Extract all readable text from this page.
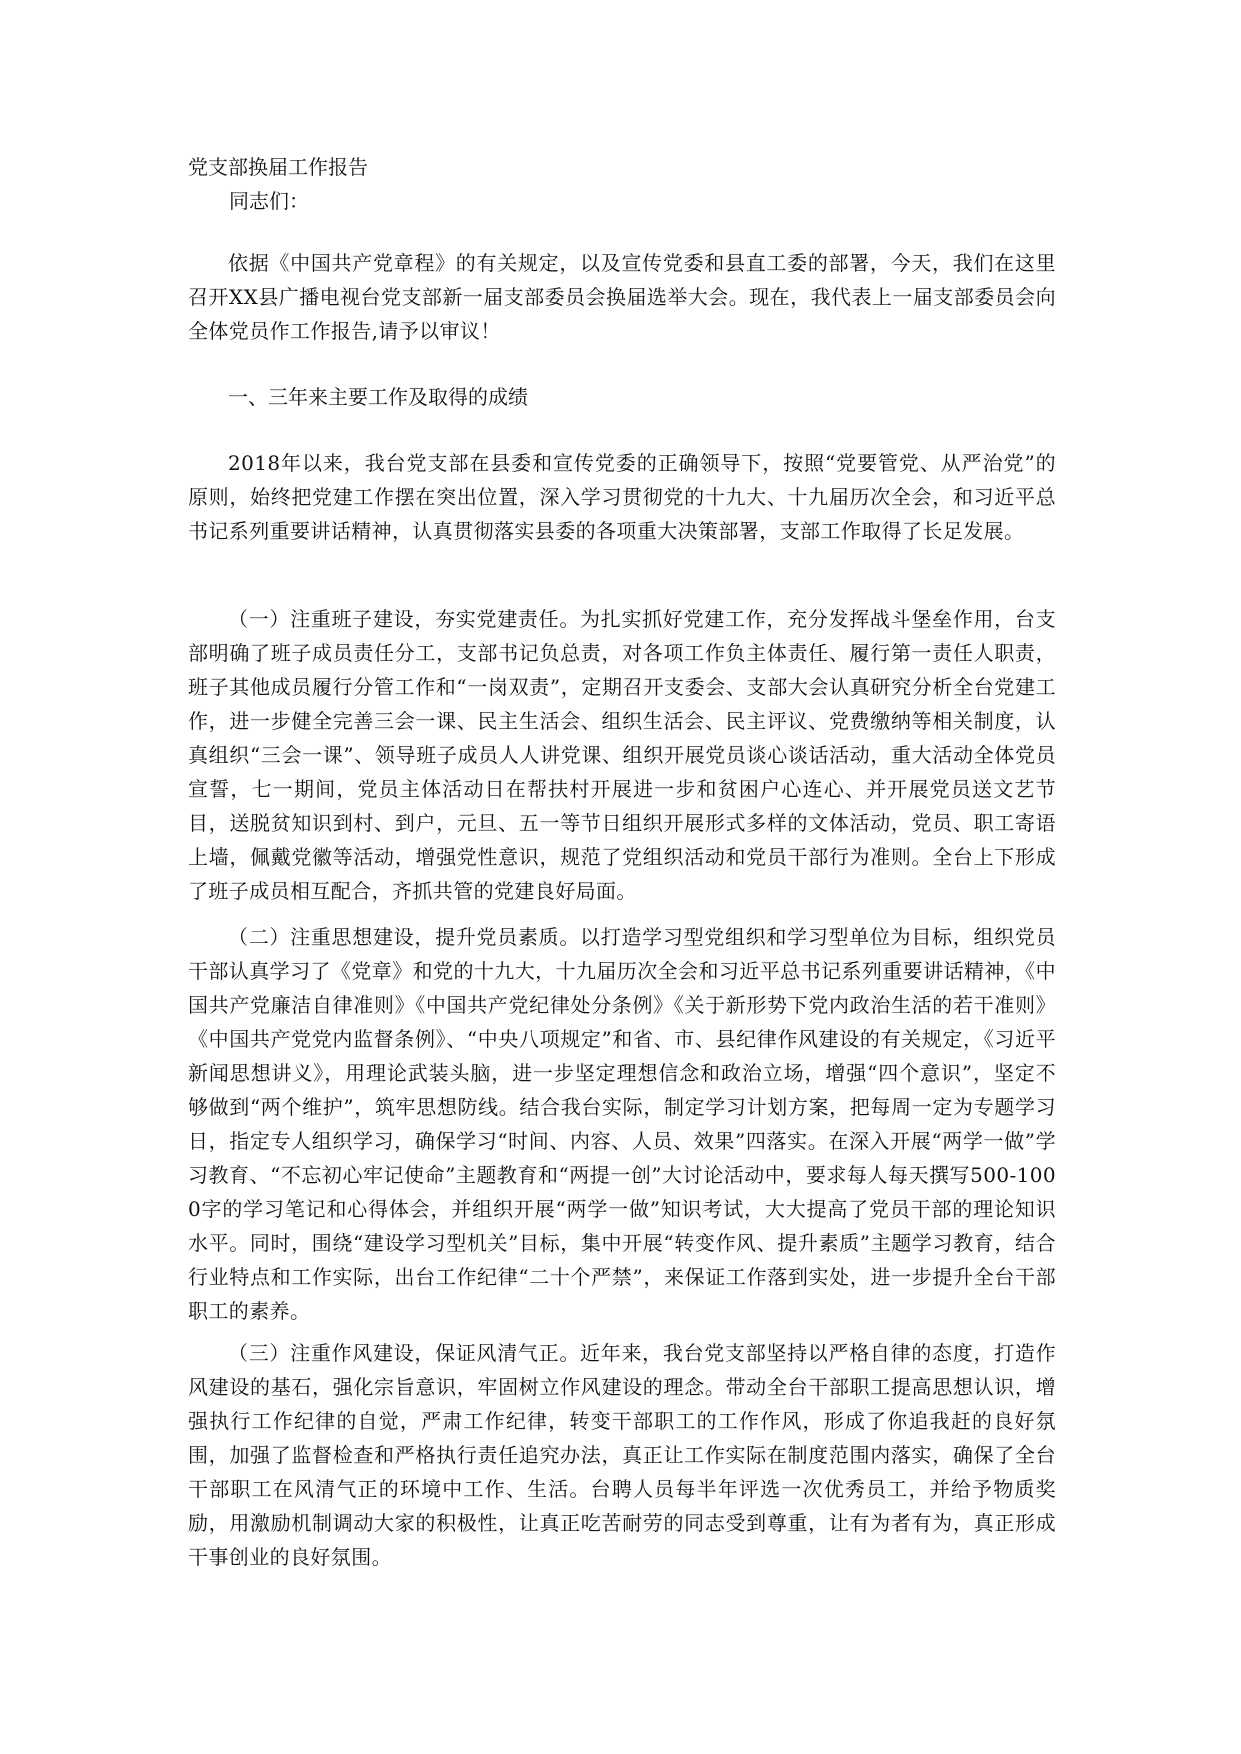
党支部换届工作报告

同志们：

依据《中国共产党章程》的有关规定，以及宣传党委和县直工委的部署，今天，我们在这里召开XX县广播电视台党支部新一届支部委员会换届选举大会。现在，我代表上一届支部委员会向全体党员作工作报告,请予以审议！

一、三年来主要工作及取得的成绩

2018年以来，我台党支部在县委和宣传党委的正确领导下，按照“党要管党、从严治党”的原则，始终把党建工作摆在突出位置，深入学习贯彻党的十九大、十九届历次全会，和习近平总书记系列重要讲话精神，认真贯彻落实县委的各项重大决策部署，支部工作取得了长足发展。

（一）注重班子建设，夯实党建责任。为扎实抓好党建工作，充分发挥战斗堡垒作用，台支部明确了班子成员责任分工，支部书记负总责，对各项工作负主体责任、履行第一责任人职责，班子其他成员履行分管工作和“一岗双责”，定期召开支委会、支部大会认真研究分析全台党建工作，进一步健全完善三会一课、民主生活会、组织生活会、民主评议、党费缴纳等相关制度，认真组织“三会一课”、领导班子成员人人讲党课、组织开展党员谈心谈话活动，重大活动全体党员宣誓，七一期间，党员主体活动日在帮扶村开展进一步和贫困户心连心、并开展党员送文艺节目，送脱贫知识到村、到户，元旦、五一等节日组织开展形式多样的文体活动，党员、职工寄语上墙，佩戴党徽等活动，增强党性意识，规范了党组织活动和党员干部行为准则。全台上下形成了班子成员相互配合，齐抓共管的党建良好局面。

（二）注重思想建设，提升党员素质。以打造学习型党组织和学习型单位为目标，组织党员干部认真学习了《党章》和党的十九大，十九届历次全会和习近平总书记系列重要讲话精神，《中国共产党廉洁自律准则》《中国共产党纪律处分条例》《关于新形势下党内政治生活的若干准则》《中国共产党党内监督条例》、“中央八项规定”和省、市、县纪律作风建设的有关规定，《习近平新闻思想讲义》，用理论武装头脑，进一步坚定理想信念和政治立场，增强“四个意识”，坚定不够做到“两个维护”，筑牢思想防线。结合我台实际，制定学习计划方案，把每周一定为专题学习日，指定专人组织学习，确保学习“时间、内容、人员、效果”四落实。在深入开展“两学一做”学习教育、“不忘初心牢记使命”主题教育和“两提一创”大讨论活动中，要求每人每天撰写500-1000字的学习笔记和心得体会，并组织开展“两学一做”知识考试，大大提高了党员干部的理论知识水平。同时，围绕“建设学习型机关”目标，集中开展“转变作风、提升素质”主题学习教育，结合行业特点和工作实际，出台工作纪律“二十个严禁”，来保证工作落到实处，进一步提升全台干部职工的素养。

（三）注重作风建设，保证风清气正。近年来，我台党支部坚持以严格自律的态度，打造作风建设的基石，强化宗旨意识，牢固树立作风建设的理念。带动全台干部职工提高思想认识，增强执行工作纪律的自觉，严肃工作纪律，转变干部职工的工作作风，形成了你追我赶的良好氛围，加强了监督检查和严格执行责任追究办法，真正让工作实际在制度范围内落实，确保了全台干部职工在风清气正的环境中工作、生活。台聘人员每半年评选一次优秀员工，并给予物质奖励，用激励机制调动大家的积极性，让真正吃苦耐劳的同志受到尊重，让有为者有为，真正形成干事创业的良好氛围。
